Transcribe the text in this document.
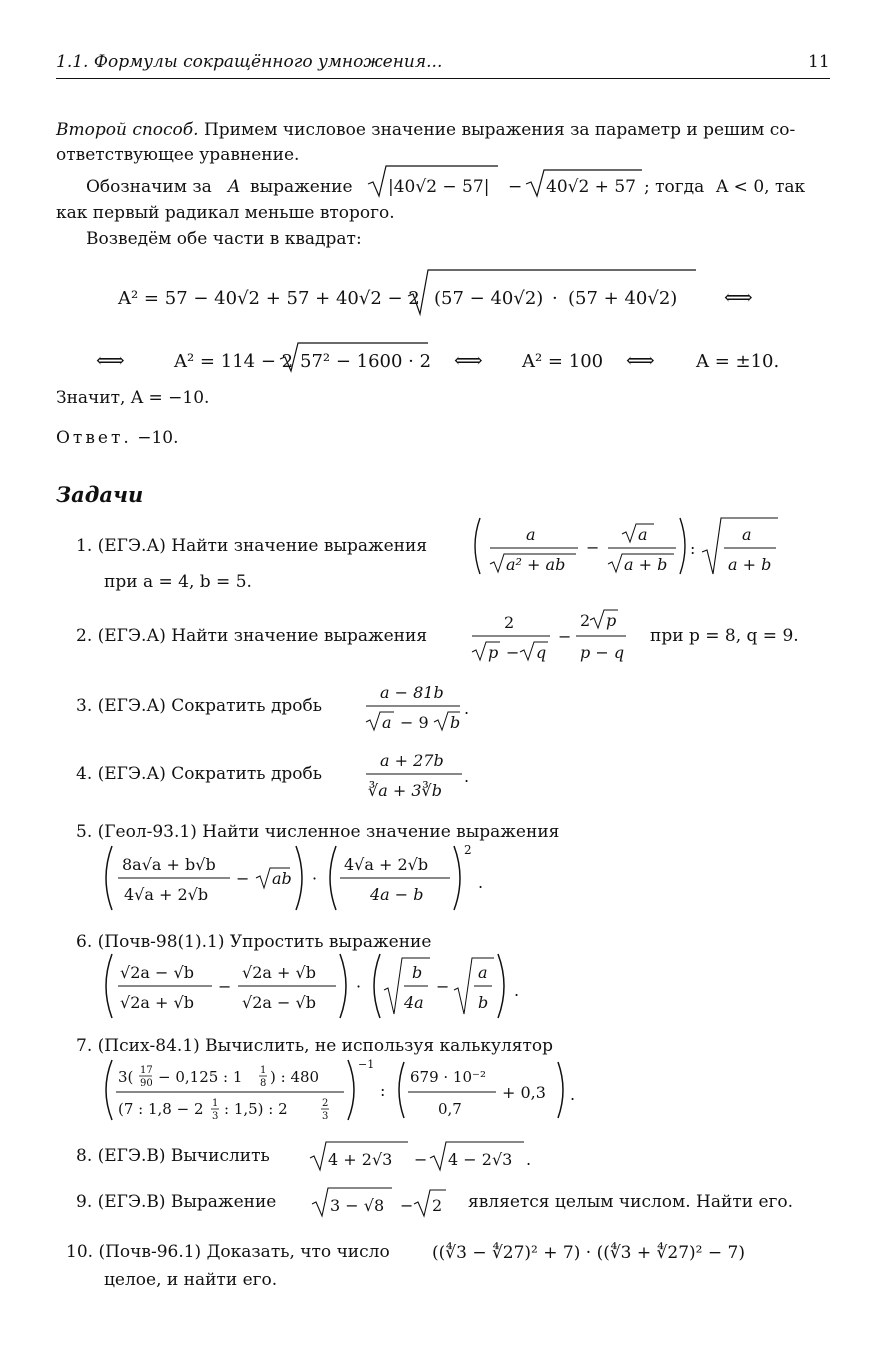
1.1. Формулы сокращённого умножения...	11
Второй способ. Примем числовое значение выражения за параметр и решим со-
ответствующее уравнение.
Обозначим за A выражение |40√2 − 57| − 40√2 + 57 ; тогда A < 0, так
как первый радикал меньше второго.
Возведём обе части в квадрат:
A² = 57 − 40√2 + 57 + 40√2 − 2 (57 − 40√2) · (57 + 40√2) ⟺
⟺	A² = 114 − 2 57² − 1600 · 2 ⟺ A² = 100 ⟺ A = ±10.
Значит, A = −10.
Ответ. −10.
Задачи
1. (ЕГЭ.А) Найти значение выражения
a
a² + ab
−
a
a + b
:
a
a + b
при a = 4, b = 5.
2. (ЕГЭ.А) Найти значение выражения
2
p − q
−
2 p
p − q
при p = 8, q = 9.
3. (ЕГЭ.А) Сократить дробь
a − 81b
a − 9 b
.
4. (ЕГЭ.А) Сократить дробь
a + 27b
∛a + 3∛b
.
5. (Геол-93.1) Найти численное значение выражения
8a√a + b√b
4√a + 2√b
− ab ·
4√a + 2√b
4a − b
2
.
6. (Почв-98(1).1) Упростить выражение
√2a − √b
√2a + √b
−
√2a + √b
√2a − √b
·
b
4a
−
a
b
.
7. (Псих-84.1) Вычислить, не используя калькулятор
3( 17
90 − 0,125 : 1 1
8 ) : 480
(7 : 1,8 − 2 1
3 : 1,5) : 2	2
3
−1
:
679 · 10⁻²
0,7
+ 0,3 .
8. (ЕГЭ.В) Вычислить	4 + 2√3 − 4 − 2√3 .
9. (ЕГЭ.В) Выражение	3 − √8 − 2 является целым числом. Найти его.
10. (Почв-96.1) Доказать, что число ((∜3 − ∜27)² + 7) · ((∜3 + ∜27)² − 7)
целое, и найти его.
